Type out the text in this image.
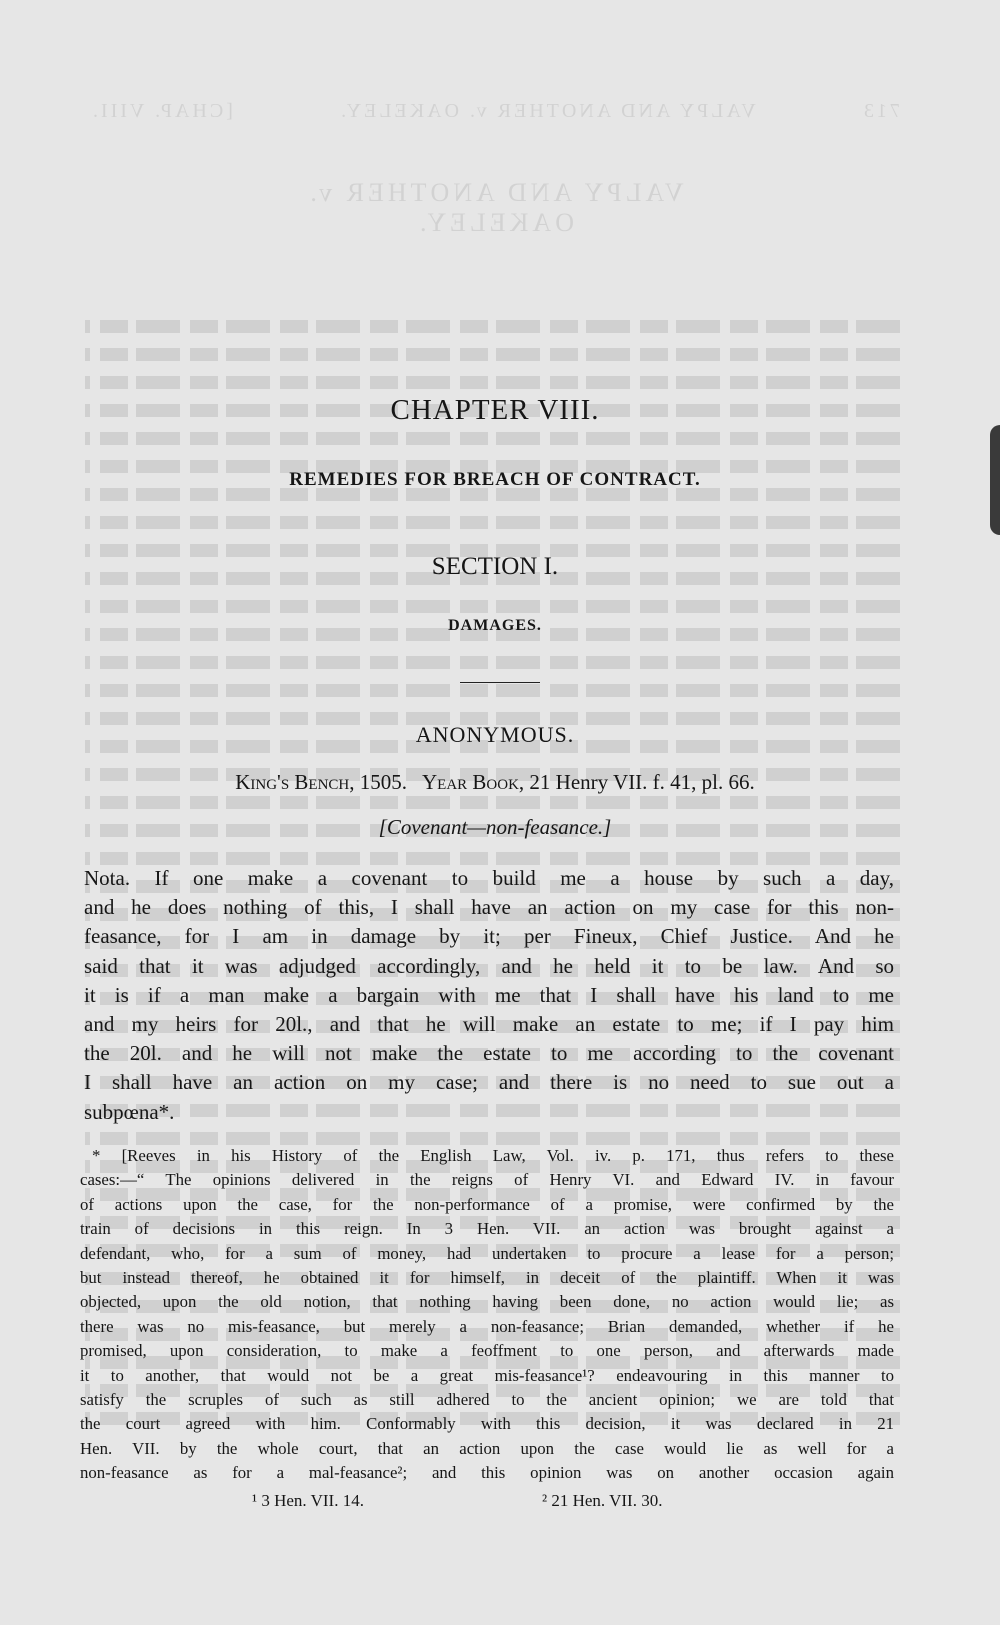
713
VALPY AND ANOTHER v. OAKELEY.
[CHAP. VIII.
VALPY AND ANOTHER v. OAKELEY.
CHAPTER VIII.
REMEDIES FOR BREACH OF CONTRACT.
SECTION I.
DAMAGES.
ANONYMOUS.
King's Bench, 1505. Year Book, 21 Henry VII. f. 41, pl. 66.
[Covenant—non-feasance.]
Nota. If one make a covenant to build me a house by such a day,
and he does nothing of this, I shall have an action on my case for this non-
feasance, for I am in damage by it; per Fineux, Chief Justice. And he
said that it was adjudged accordingly, and he held it to be law. And so
it is if a man make a bargain with me that I shall have his land to me
and my heirs for 20l., and that he will make an estate to me; if I pay him
the 20l. and he will not make the estate to me according to the covenant
I shall have an action on my case; and there is no need to sue out a
subpœna*.
* [Reeves in his History of the English Law, Vol. iv. p. 171, thus refers to these
cases:—“ The opinions delivered in the reigns of Henry VI. and Edward IV. in favour
of actions upon the case, for the non-performance of a promise, were confirmed by the
train of decisions in this reign. In 3 Hen. VII. an action was brought against a
defendant, who, for a sum of money, had undertaken to procure a lease for a person;
but instead thereof, he obtained it for himself, in deceit of the plaintiff. When it was
objected, upon the old notion, that nothing having been done, no action would lie; as
there was no mis-feasance, but merely a non-feasance; Brian demanded, whether if he
promised, upon consideration, to make a feoffment to one person, and afterwards made
it to another, that would not be a great mis-feasance¹? endeavouring in this manner to
satisfy the scruples of such as still adhered to the ancient opinion; we are told that
the court agreed with him. Conformably with this decision, it was declared in 21
Hen. VII. by the whole court, that an action upon the case would lie as well for a
non-feasance as for a mal-feasance²; and this opinion was on another occasion again
¹ 3 Hen. VII. 14.	² 21 Hen. VII. 30.
